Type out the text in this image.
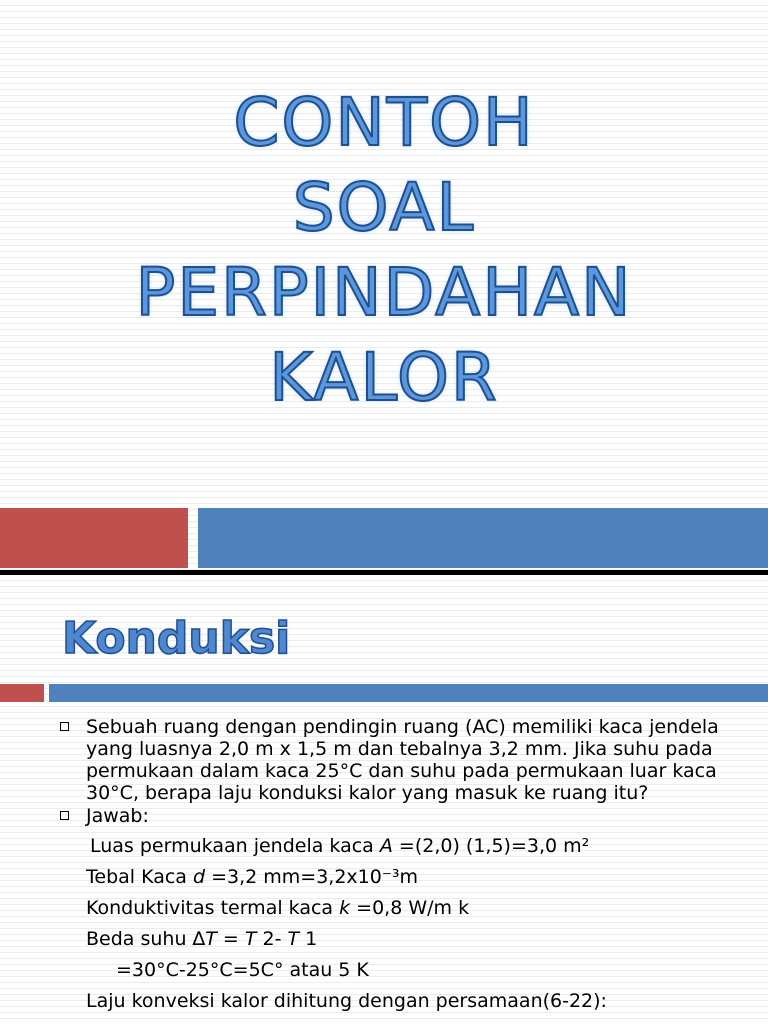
CONTOH
SOAL
PERPINDAHAN
KALOR
Konduksi
Sebuah ruang dengan pendingin ruang (AC) memiliki kaca jendela
yang luasnya 2,0 m x 1,5 m dan tebalnya 3,2 mm. Jika suhu pada
permukaan dalam kaca 25°C dan suhu pada permukaan luar kaca
30°C, berapa laju konduksi kalor yang masuk ke ruang itu?
Jawab:
Luas permukaan jendela kaca A =(2,0) (1,5)=3,0 m²
Tebal Kaca d =3,2 mm=3,2x10⁻³m
Konduktivitas termal kaca k =0,8 W/m k
Beda suhu ∆T = T 2- T 1
=30°C-25°C=5C° atau 5 K
Laju konveksi kalor dihitung dengan persamaan(6-22):
